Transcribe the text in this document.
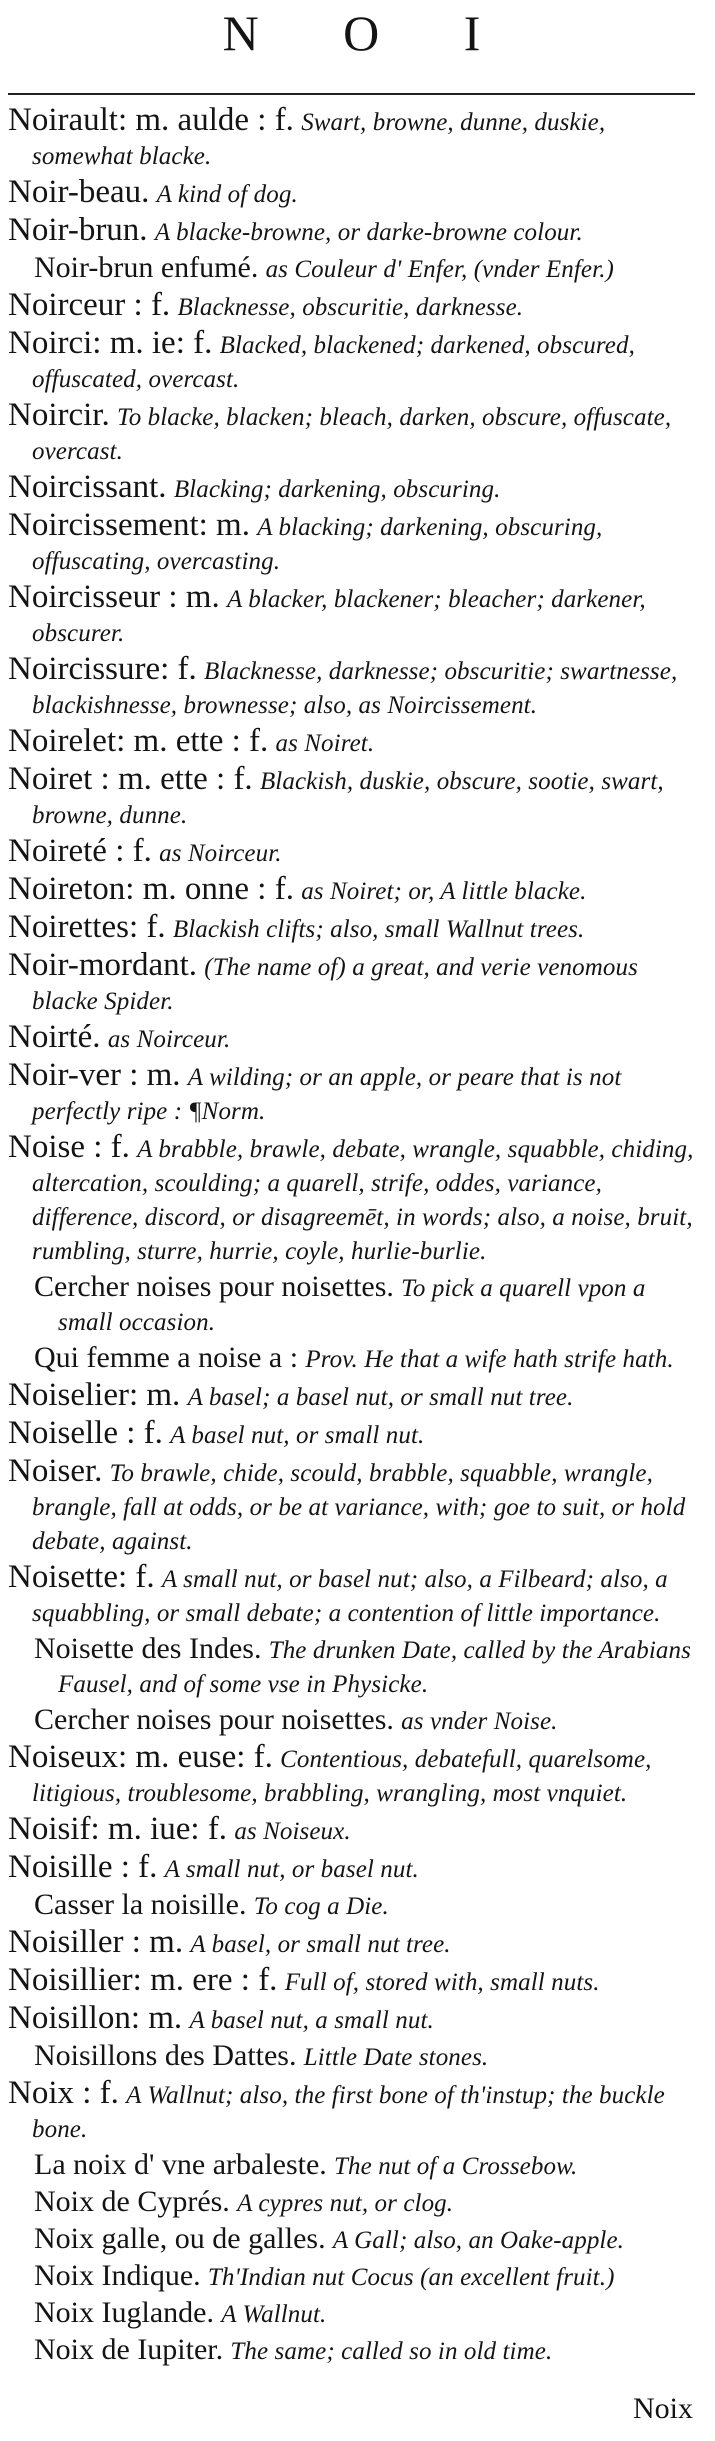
N O I
Noirault: m. aulde : f. Swart, browne, dunne, duskie, somewhat blacke.
Noir-beau. A kind of dog.
Noir-brun. A blacke-browne, or darke-browne colour.
Noir-brun enfumé. as Couleur d' Enfer, (vnder Enfer.)
Noirceur : f. Blacknesse, obscuritie, darknesse.
Noirci: m. ie: f. Blacked, blackened; darkened, obscured, offuscated, overcast.
Noircir. To blacke, blacken; bleach, darken, obscure, offuscate, overcast.
Noircissant. Blacking; darkening, obscuring.
Noircissement: m. A blacking; darkening, obscuring, offuscating, overcasting.
Noircisseur : m. A blacker, blackener; bleacher; darkener, obscurer.
Noircissure: f. Blacknesse, darknesse; obscuritie; swartnesse, blackishnesse, brownesse; also, as Noircissement.
Noirelet: m. ette : f. as Noiret.
Noiret : m. ette : f. Blackish, duskie, obscure, sootie, swart, browne, dunne.
Noireté : f. as Noirceur.
Noireton: m. onne : f. as Noiret; or, A little blacke.
Noirettes: f. Blackish clifts; also, small Wallnut trees.
Noir-mordant. (The name of) a great, and verie venomous blacke Spider.
Noirté. as Noirceur.
Noir-ver : m. A wilding; or an apple, or peare that is not perfectly ripe : ¶Norm.
Noise : f. A brabble, brawle, debate, wrangle, squabble, chiding, altercation, scoulding; a quarell, strife, oddes, variance, difference, discord, or disagreemēt, in words; also, a noise, bruit, rumbling, sturre, hurrie, coyle, hurlie-burlie.
Cercher noises pour noisettes. To pick a quarell vpon a small occasion.
Qui femme a noise a : Prov. He that a wife hath strife hath.
Noiselier: m. A basel; a basel nut, or small nut tree.
Noiselle : f. A basel nut, or small nut.
Noiser. To brawle, chide, scould, brabble, squabble, wrangle, brangle, fall at odds, or be at variance, with; goe to suit, or hold debate, against.
Noisette: f. A small nut, or basel nut; also, a Filbeard; also, a squabbling, or small debate; a contention of little importance.
Noisette des Indes. The drunken Date, called by the Arabians Fausel, and of some vse in Physicke.
Cercher noises pour noisettes. as vnder Noise.
Noiseux: m. euse: f. Contentious, debatefull, quarelsome, litigious, troublesome, brabbling, wrangling, most vnquiet.
Noisif: m. iue: f. as Noiseux.
Noisille : f. A small nut, or basel nut.
Casser la noisille. To cog a Die.
Noisiller : m. A basel, or small nut tree.
Noisillier: m. ere : f. Full of, stored with, small nuts.
Noisillon: m. A basel nut, a small nut.
Noisillons des Dattes. Little Date stones.
Noix : f. A Wallnut; also, the first bone of th'instup; the buckle bone.
La noix d' vne arbaleste. The nut of a Crossebow.
Noix de Cyprés. A cypres nut, or clog.
Noix galle, ou de galles. A Gall; also, an Oake-apple.
Noix Indique. Th'Indian nut Cocus (an excellent fruit.)
Noix Iuglande. A Wallnut.
Noix de Iupiter. The same; called so in old time.
Noix
